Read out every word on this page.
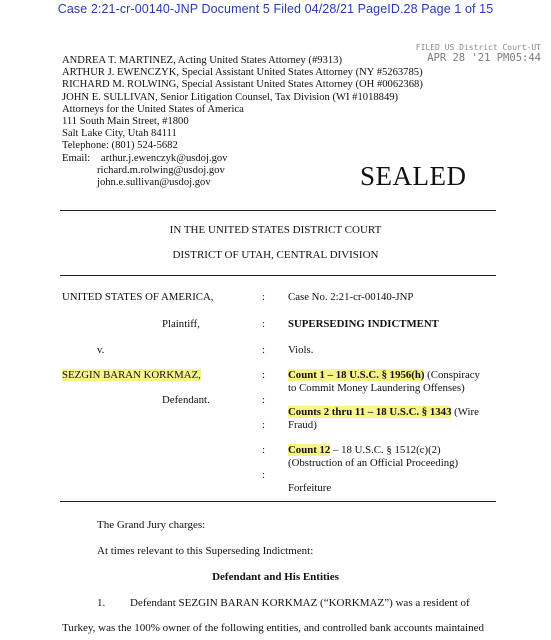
Case 2:21-cr-00140-JNP Document 5 Filed 04/28/21 PageID.28 Page 1 of 15
FILED US District Court-UT
APR 28 '21 PM05:44
ANDREA T. MARTINEZ, Acting United States Attorney (#9313)
ARTHUR J. EWENCZYK, Special Assistant United States Attorney (NY #5263785)
RICHARD M. ROLWING, Special Assistant United States Attorney (OH #0062368)
JOHN E. SULLIVAN, Senior Litigation Counsel, Tax Division (WI #1018849)
Attorneys for the United States of America
111 South Main Street, #1800
Salt Lake City, Utah 84111
Telephone: (801) 524-5682
Email: arthur.j.ewenczyk@usdoj.gov
richard.m.rolwing@usdoj.gov
john.e.sullivan@usdoj.gov	SEALED
IN THE UNITED STATES DISTRICT COURT
DISTRICT OF UTAH, CENTRAL DIVISION
UNITED STATES OF AMERICA,
Plaintiff,
v.
SEZGIN BARAN KORKMAZ,
Defendant.
:
:
:
:
:
:
:
:
Case No. 2:21-cr-00140-JNP
SUPERSEDING INDICTMENT
Viols.
Count 1 – 18 U.S.C. § 1956(h) (Conspiracy
to Commit Money Laundering Offenses)
Counts 2 thru 11 – 18 U.S.C. § 1343 (Wire
Fraud)
Count 12 – 18 U.S.C. § 1512(c)(2)
(Obstruction of an Official Proceeding)
Forfeiture
The Grand Jury charges:
At times relevant to this Superseding Indictment:
Defendant and His Entities
1. Defendant SEZGIN BARAN KORKMAZ (“KORKMAZ”) was a resident of
Turkey, was the 100% owner of the following entities, and controlled bank accounts maintained
